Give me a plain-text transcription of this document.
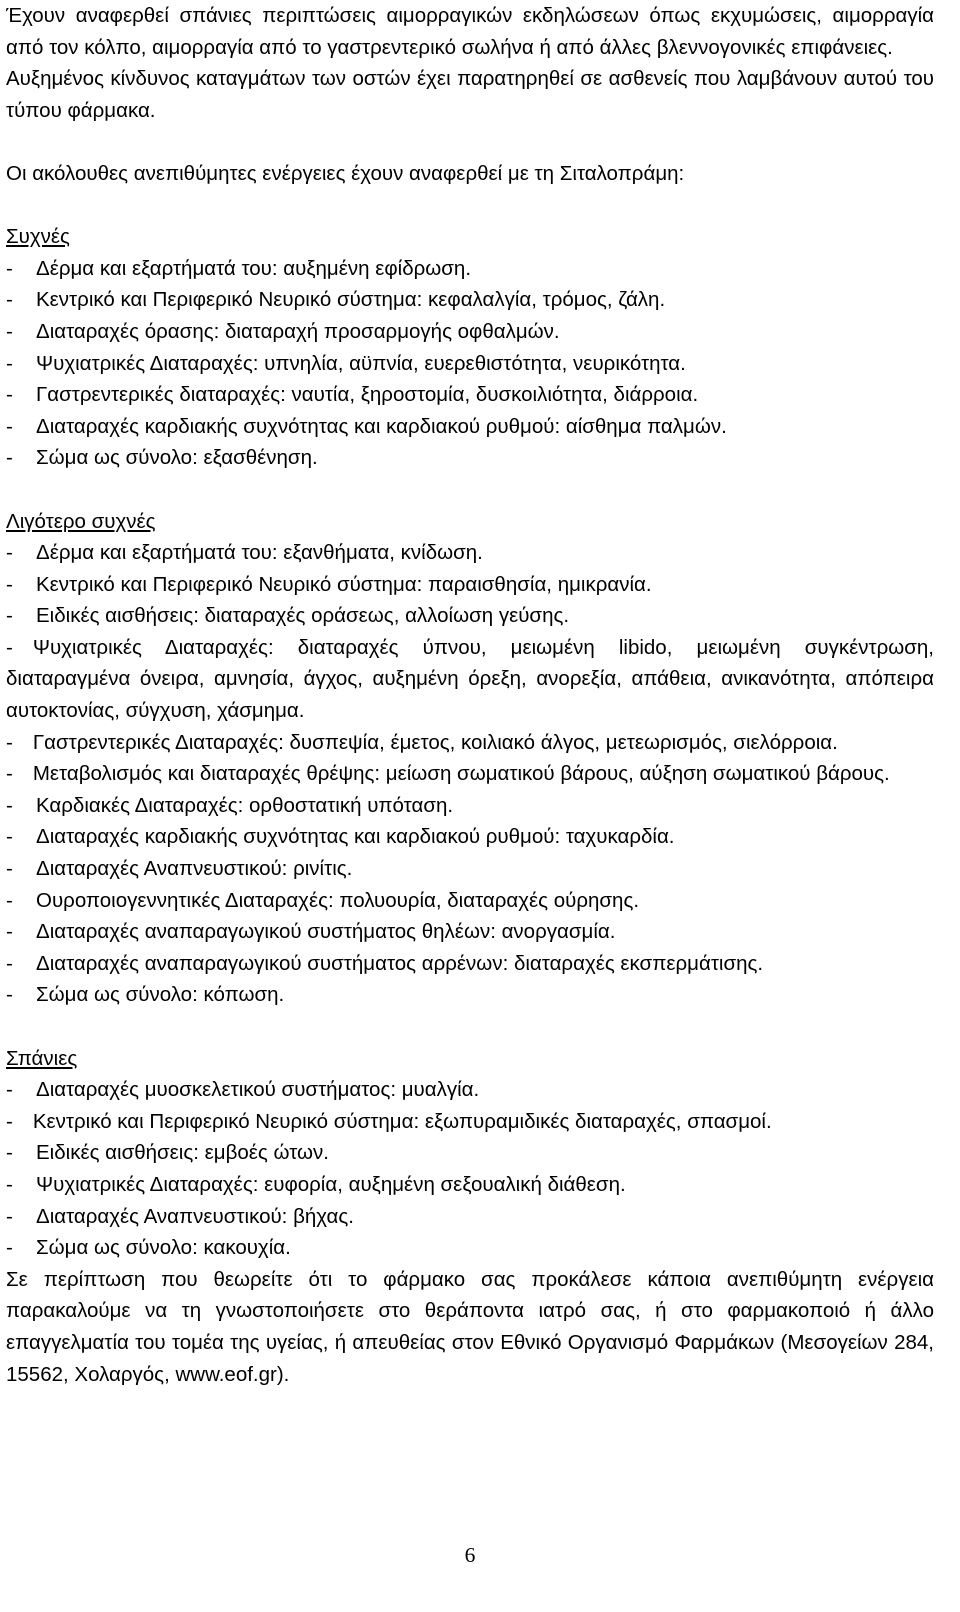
Έχουν αναφερθεί σπάνιες περιπτώσεις αιμορραγικών εκδηλώσεων όπως εκχυμώσεις, αιμορραγία από τον κόλπο, αιμορραγία από το γαστρεντερικό σωλήνα ή από άλλες βλεννογονικές επιφάνειες.

Αυξημένος κίνδυνος καταγμάτων των οστών έχει παρατηρηθεί σε ασθενείς που λαμβάνουν αυτού του τύπου φάρμακα.

Οι ακόλουθες ανεπιθύμητες ενέργειες έχουν αναφερθεί με τη Σιταλοπράμη:

Συχνές

-	Δέρμα και εξαρτήματά του: αυξημένη εφίδρωση.
-	Κεντρικό και Περιφερικό Νευρικό σύστημα: κεφαλαλγία, τρόμος, ζάλη.
-	Διαταραχές όρασης: διαταραχή προσαρμογής οφθαλμών.
-	Ψυχιατρικές Διαταραχές: υπνηλία, αϋπνία, ευερεθιστότητα, νευρικότητα.
-	Γαστρεντερικές διαταραχές: ναυτία, ξηροστομία, δυσκοιλιότητα, διάρροια.
-	Διαταραχές καρδιακής συχνότητας και καρδιακού ρυθμού: αίσθημα παλμών.
-	Σώμα ως σύνολο: εξασθένηση.

Λιγότερο συχνές

-	Δέρμα και εξαρτήματά του: εξανθήματα, κνίδωση.
-	Κεντρικό και Περιφερικό Νευρικό σύστημα: παραισθησία, ημικρανία.
-	Ειδικές αισθήσεις: διαταραχές οράσεως, αλλοίωση γεύσης.

- Ψυχιατρικές Διαταραχές: διαταραχές ύπνου, μειωμένη libido, μειωμένη συγκέντρωση, διαταραγμένα όνειρα, αμνησία, άγχος, αυξημένη όρεξη, ανορεξία, απάθεια, ανικανότητα, απόπειρα αυτοκτονίας, σύγχυση, χάσμημα.

- Γαστρεντερικές Διαταραχές: δυσπεψία, έμετος, κοιλιακό άλγος, μετεωρισμός, σιελόρροια.

- Μεταβολισμός και διαταραχές θρέψης: μείωση σωματικού βάρους, αύξηση σωματικού βάρους.

-	Καρδιακές Διαταραχές: ορθοστατική υπόταση.
-	Διαταραχές καρδιακής συχνότητας και καρδιακού ρυθμού: ταχυκαρδία.
-	Διαταραχές Αναπνευστικού: ρινίτις.
-	Ουροποιογεννητικές Διαταραχές: πολυουρία, διαταραχές ούρησης.
-	Διαταραχές αναπαραγωγικού συστήματος θηλέων: ανοργασμία.
-	Διαταραχές αναπαραγωγικού συστήματος αρρένων: διαταραχές εκσπερμάτισης.
-	Σώμα ως σύνολο: κόπωση.

Σπάνιες

-	Διαταραχές μυοσκελετικού συστήματος: μυαλγία.

- Κεντρικό και Περιφερικό Νευρικό σύστημα: εξωπυραμιδικές διαταραχές, σπασμοί.

-	Ειδικές αισθήσεις: εμβοές ώτων.
-	Ψυχιατρικές Διαταραχές: ευφορία, αυξημένη σεξουαλική διάθεση.
-	Διαταραχές Αναπνευστικού: βήχας.
-	Σώμα ως σύνολο: κακουχία.

Σε περίπτωση που θεωρείτε ότι το φάρμακο σας προκάλεσε κάποια ανεπιθύμητη ενέργεια παρακαλούμε να τη γνωστοποιήσετε στο θεράποντα ιατρό σας, ή στο φαρμακοποιό ή άλλο επαγγελματία του τομέα της υγείας, ή απευθείας στον Εθνικό Οργανισμό Φαρμάκων (Μεσογείων 284, 15562, Χολαργός, www.eof.gr).

6
